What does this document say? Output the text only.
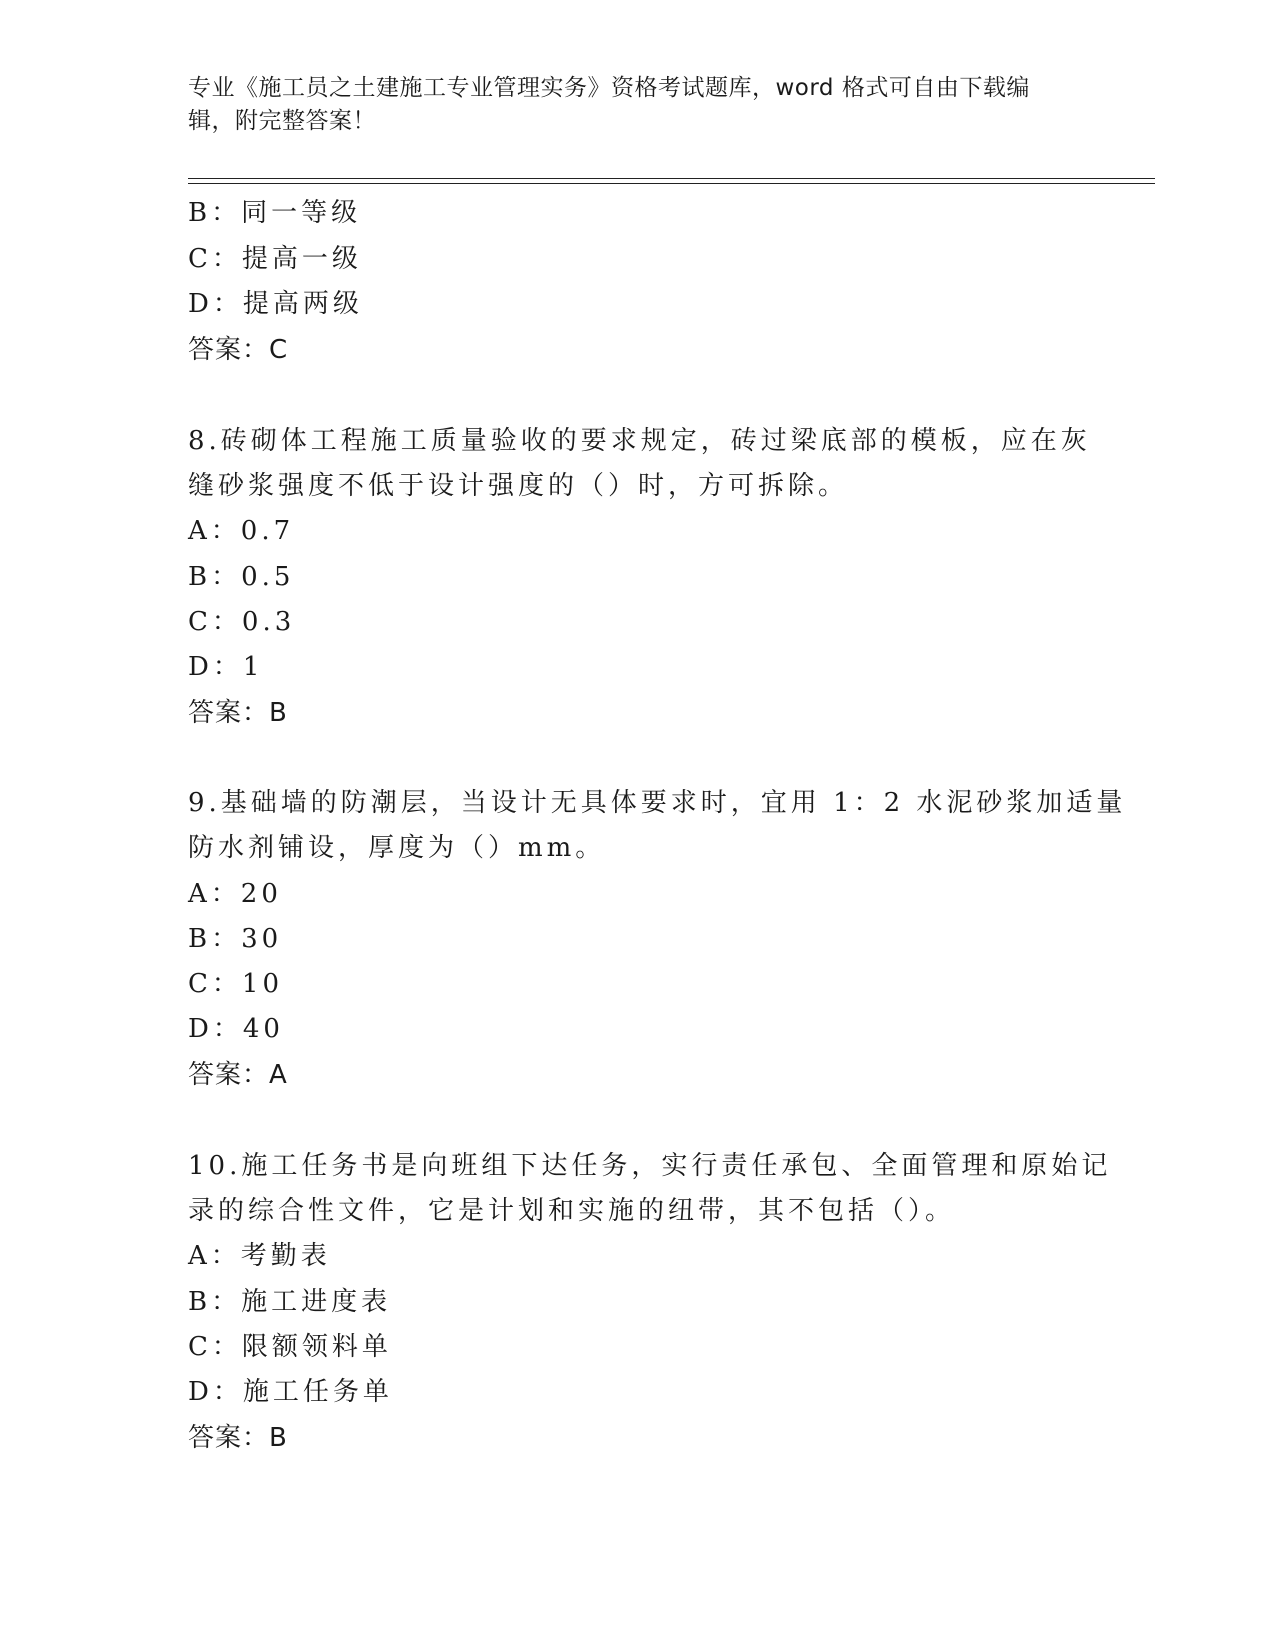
专业《施工员之土建施工专业管理实务》资格考试题库，word 格式可自由下载编辑，附完整答案！
B：同一等级
C：提高一级
D：提高两级
答案：C
8.砖砌体工程施工质量验收的要求规定，砖过梁底部的模板，应在灰
缝砂浆强度不低于设计强度的（）时，方可拆除。
A：0.7
B：0.5
C：0.3
D：1
答案：B
9.基础墙的防潮层，当设计无具体要求时，宜用 1：2 水泥砂浆加适量
防水剂铺设，厚度为（）mm。
A：20
B：30
C：10
D：40
答案：A
10.施工任务书是向班组下达任务，实行责任承包、全面管理和原始记
录的综合性文件，它是计划和实施的纽带，其不包括（）。
A：考勤表
B：施工进度表
C：限额领料单
D：施工任务单
答案：B
